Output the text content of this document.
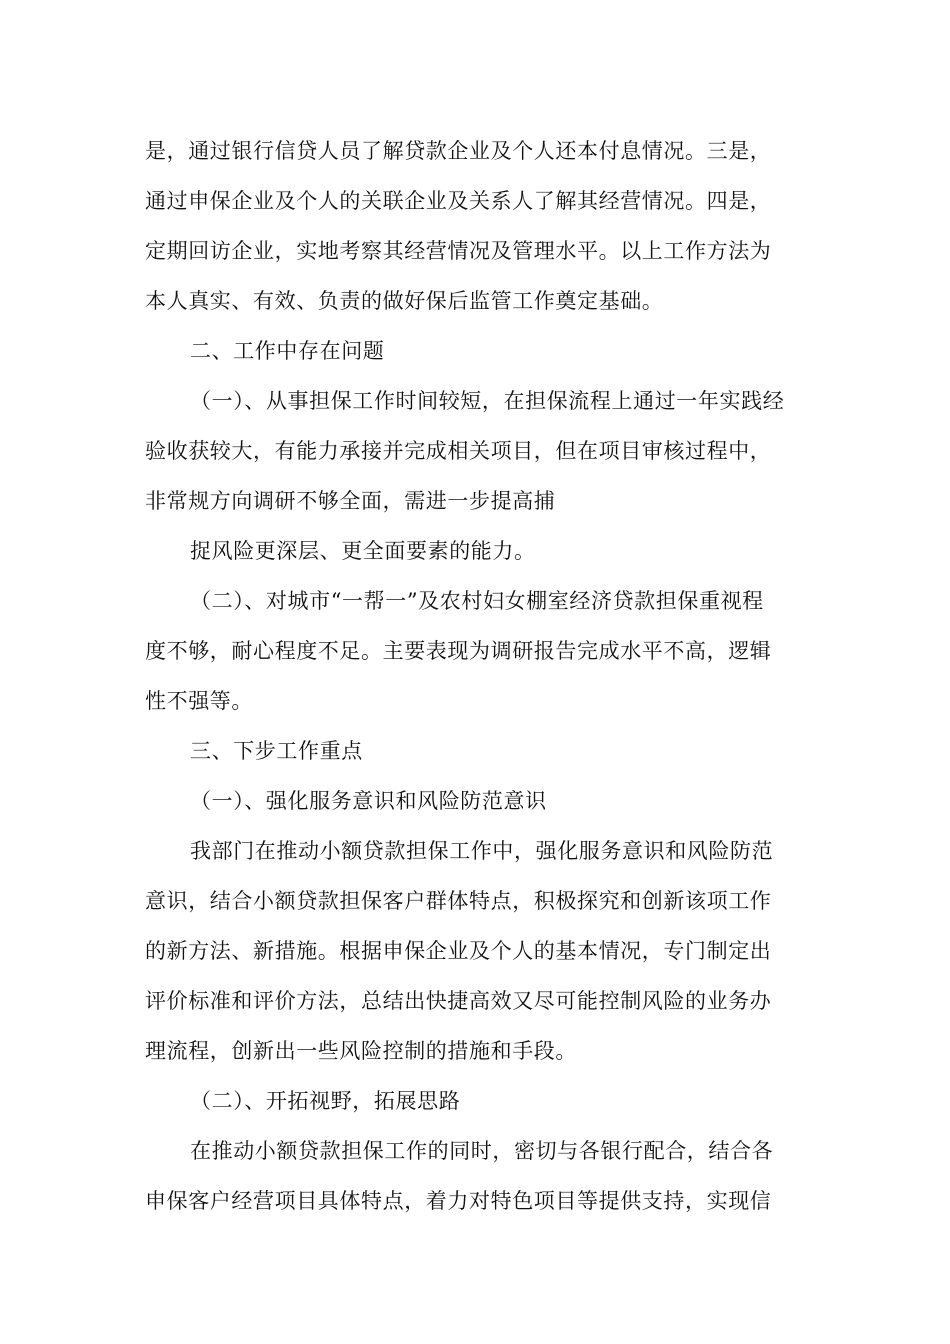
是，通过银行信贷人员了解贷款企业及个人还本付息情况。三是，
通过申保企业及个人的关联企业及关系人了解其经营情况。四是，
定期回访企业，实地考察其经营情况及管理水平。以上工作方法为
本人真实、有效、负责的做好保后监管工作奠定基础。
二、工作中存在问题
（一）、从事担保工作时间较短，在担保流程上通过一年实践经
验收获较大，有能力承接并完成相关项目，但在项目审核过程中，
非常规方向调研不够全面，需进一步提高捕
捉风险更深层、更全面要素的能力。
（二）、对城市“一帮一”及农村妇女棚室经济贷款担保重视程
度不够，耐心程度不足。主要表现为调研报告完成水平不高，逻辑
性不强等。
三、下步工作重点
（一）、强化服务意识和风险防范意识
我部门在推动小额贷款担保工作中，强化服务意识和风险防范
意识，结合小额贷款担保客户群体特点，积极探究和创新该项工作
的新方法、新措施。根据申保企业及个人的基本情况，专门制定出
评价标准和评价方法，总结出快捷高效又尽可能控制风险的业务办
理流程，创新出一些风险控制的措施和手段。
（二）、开拓视野，拓展思路
在推动小额贷款担保工作的同时，密切与各银行配合，结合各
申保客户经营项目具体特点，着力对特色项目等提供支持，实现信
